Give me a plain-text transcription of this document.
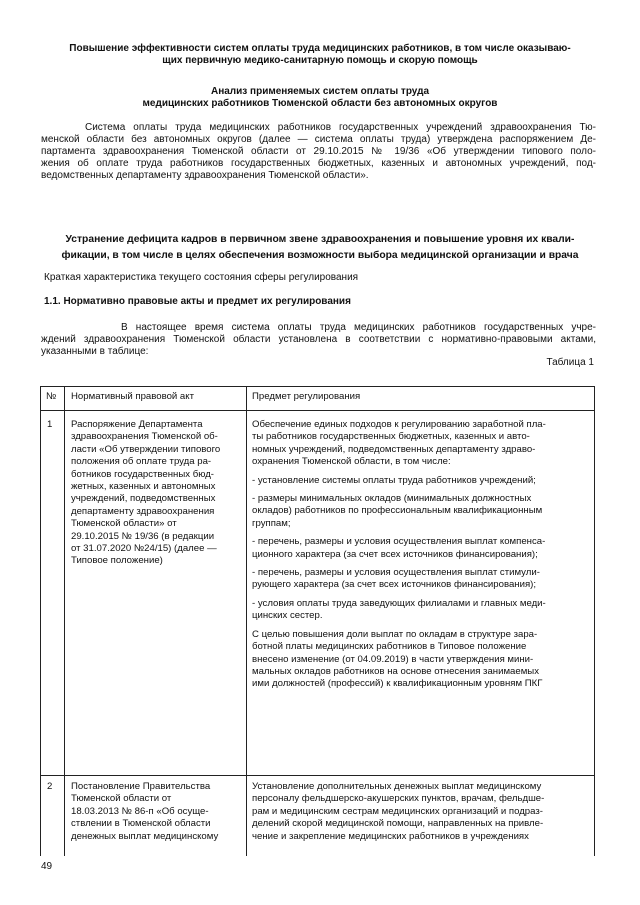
Повышение эффективности систем оплаты труда медицинских работников, в том числе оказываю-
щих первичную медико-санитарную помощь и скорую помощь
Анализ применяемых систем оплаты труда
медицинских работников Тюменской области без автономных округов
Система оплаты труда медицинских работников государственных учреждений здравоохранения Тю-
менской области без автономных округов (далее — система оплаты труда) утверждена распоряжением Де-
партамента здравоохранения Тюменской области от 29.10.2015 № 19/36 «Об утверждении типового поло-
жения об оплате труда работников государственных бюджетных, казенных и автономных учреждений, под-
ведомственных департаменту здравоохранения Тюменской области».
Устранение дефицита кадров в первичном звене здравоохранения и повышение уровня их квали-
фикации, в том числе в целях обеспечения возможности выбора медицинской организации и врача
Краткая характеристика текущего состояния сферы регулирования
1.1. Нормативно правовые акты и предмет их регулирования
В настоящее время система оплаты труда медицинских работников государственных учре-
ждений здравоохранения Тюменской области установлена в соответствии с нормативно-правовыми актами,
указанными в таблице:
Таблица 1
№ Нормативный правовой акт	Предмет регулирования
1 Распоряжение Департамента
здравоохранения Тюменской об-
ласти «Об утверждении типового
положения об оплате труда ра-
ботников государственных бюд-
жетных, казенных и автономных
учреждений, подведомственных
департаменту здравоохранения
Тюменской области» от
29.10.2015 № 19/36 (в редакции
от 31.07.2020 №24/15) (далее —
Типовое положение)

Обеспечение единых подходов к регулированию заработной пла-
ты работников государственных бюджетных, казенных и авто-
номных учреждений, подведомственных департаменту здраво-
охранения Тюменской области, в том числе:

- установление системы оплаты труда работников учреждений;

- размеры минимальных окладов (минимальных должностных
окладов) работников по профессиональным квалификационным
группам;

- перечень, размеры и условия осуществления выплат компенса-
ционного характера (за счет всех источников финансирования);

- перечень, размеры и условия осуществления выплат стимули-
рующего характера (за счет всех источников финансирования);

- условия оплаты труда заведующих филиалами и главных меди-
цинских сестер.

С целью повышения доли выплат по окладам в структуре зара-
ботной платы медицинских работников в Типовое положение
внесено изменение (от 04.09.2019) в части утверждения мини-
мальных окладов работников на основе отнесения занимаемых
ими должностей (профессий) к квалификационным уровням ПКГ

2 Постановление Правительства
Тюменской области от
18.03.2013 № 86-п «Об осуще-
ствлении в Тюменской области
денежных выплат медицинскому
Установление дополнительных денежных выплат медицинскому
персоналу фельдшерско-акушерских пунктов, врачам, фельдше-
рам и медицинским сестрам медицинских организаций и подраз-
делений скорой медицинской помощи, направленных на привле-
чение и закрепление медицинских работников в учреждениях
49
